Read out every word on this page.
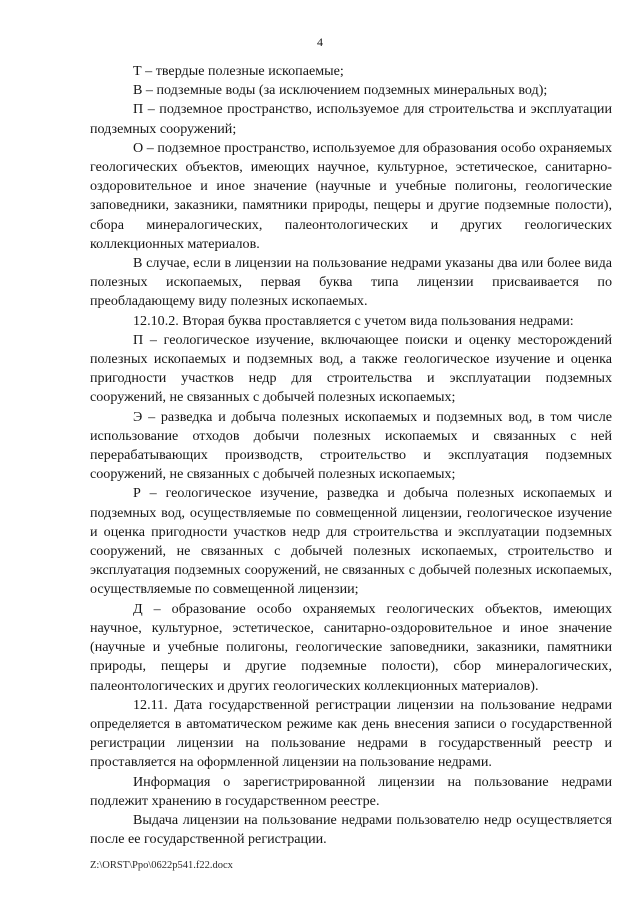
4

Т – твердые полезные ископаемые;

В – подземные воды (за исключением подземных минеральных вод);

П – подземное пространство, используемое для строительства и эксплуатации подземных сооружений;

О – подземное пространство, используемое для образования особо охраняемых геологических объектов, имеющих научное, культурное, эстетическое, санитарно-оздоровительное и иное значение (научные и учебные полигоны, геологические заповедники, заказники, памятники природы, пещеры и другие подземные полости), сбора минералогических, палеонтологических и других геологических коллекционных материалов.

В случае, если в лицензии на пользование недрами указаны два или более вида полезных ископаемых, первая буква типа лицензии присваивается по преобладающему виду полезных ископаемых.

12.10.2. Вторая буква проставляется с учетом вида пользования недрами:

П – геологическое изучение, включающее поиски и оценку месторождений полезных ископаемых и подземных вод, а также геологическое изучение и оценка пригодности участков недр для строительства и эксплуатации подземных сооружений, не связанных с добычей полезных ископаемых;

Э – разведка и добыча полезных ископаемых и подземных вод, в том числе использование отходов добычи полезных ископаемых и связанных с ней перерабатывающих производств, строительство и эксплуатация подземных сооружений, не связанных с добычей полезных ископаемых;

Р – геологическое изучение, разведка и добыча полезных ископаемых и подземных вод, осуществляемые по совмещенной лицензии, геологическое изучение и оценка пригодности участков недр для строительства и эксплуатации подземных сооружений, не связанных с добычей полезных ископаемых, строительство и эксплуатация подземных сооружений, не связанных с добычей полезных ископаемых, осуществляемые по совмещенной лицензии;

Д – образование особо охраняемых геологических объектов, имеющих научное, культурное, эстетическое, санитарно-оздоровительное и иное значение (научные и учебные полигоны, геологические заповедники, заказники, памятники природы, пещеры и другие подземные полости), сбор минералогических, палеонтологических и других геологических коллекционных материалов).

12.11. Дата государственной регистрации лицензии на пользование недрами определяется в автоматическом режиме как день внесения записи о государственной регистрации лицензии на пользование недрами в государственный реестр и проставляется на оформленной лицензии на пользование недрами.

Информация о зарегистрированной лицензии на пользование недрами подлежит хранению в государственном реестре.

Выдача лицензии на пользование недрами пользователю недр осуществляется после ее государственной регистрации.

Z:\ORST\Ppo\0622p541.f22.docx
